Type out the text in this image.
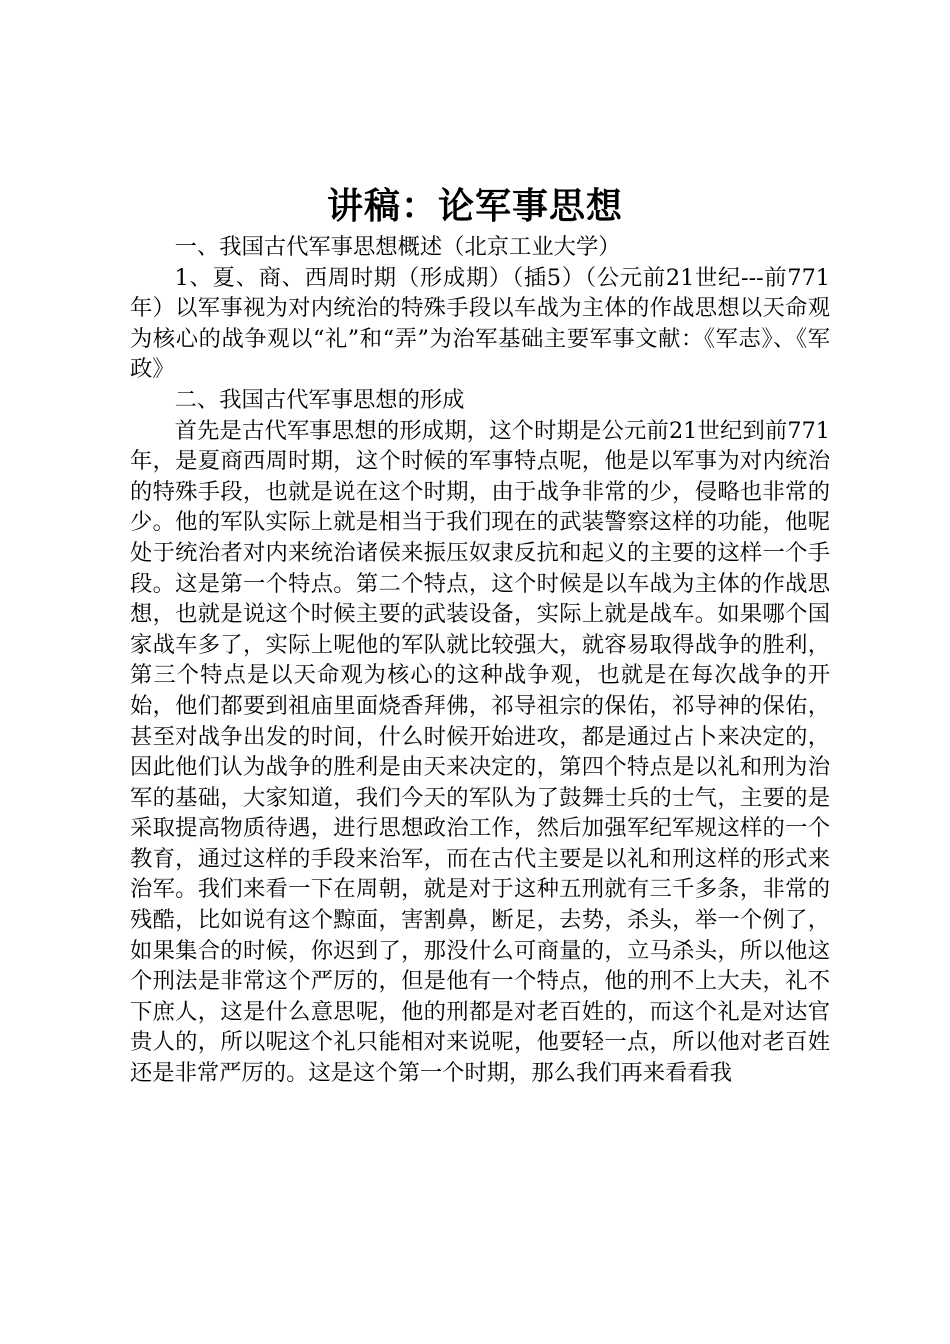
讲稿：论军事思想

一、我国古代军事思想概述（北京工业大学）

1、夏、商、西周时期（形成期）（插5）（公元前21世纪---前771年）以军事视为对内统治的特殊手段以车战为主体的作战思想以天命观为核心的战争观以“礼”和“弄”为治军基础主要军事文献：《军志》、《军政》

二、我国古代军事思想的形成

首先是古代军事思想的形成期，这个时期是公元前21世纪到前771年，是夏商西周时期，这个时候的军事特点呢，他是以军事为对内统治的特殊手段，也就是说在这个时期，由于战争非常的少，侵略也非常的少。他的军队实际上就是相当于我们现在的武装警察这样的功能，他呢处于统治者对内来统治诸侯来振压奴隶反抗和起义的主要的这样一个手段。这是第一个特点。第二个特点，这个时候是以车战为主体的作战思想，也就是说这个时候主要的武装设备，实际上就是战车。如果哪个国家战车多了，实际上呢他的军队就比较强大，就容易取得战争的胜利，第三个特点是以天命观为核心的这种战争观，也就是在每次战争的开始，他们都要到祖庙里面烧香拜佛，祁导祖宗的保佑，祁导神的保佑，甚至对战争出发的时间，什么时候开始进攻，都是通过占卜来决定的，因此他们认为战争的胜利是由天来决定的，第四个特点是以礼和刑为治军的基础，大家知道，我们今天的军队为了鼓舞士兵的士气，主要的是采取提高物质待遇，进行思想政治工作，然后加强军纪军规这样的一个教育，通过这样的手段来治军，而在古代主要是以礼和刑这样的形式来治军。我们来看一下在周朝，就是对于这种五刑就有三千多条，非常的残酷，比如说有这个黥面，害割鼻，断足，去势，杀头，举一个例了，如果集合的时候，你迟到了，那没什么可商量的，立马杀头，所以他这个刑法是非常这个严厉的，但是他有一个特点，他的刑不上大夫，礼不下庶人，这是什么意思呢，他的刑都是对老百姓的，而这个礼是对达官贵人的，所以呢这个礼只能相对来说呢，他要轻一点，所以他对老百姓还是非常严厉的。这是这个第一个时期，那么我们再来看看我
